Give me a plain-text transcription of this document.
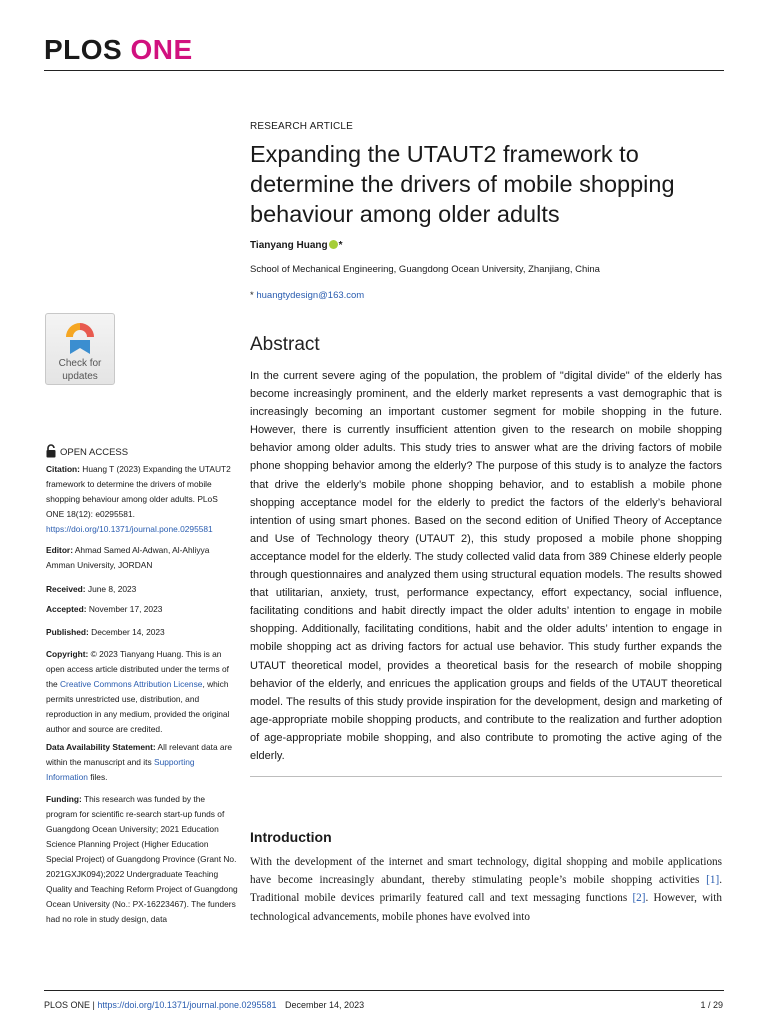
PLOS ONE
RESEARCH ARTICLE
Expanding the UTAUT2 framework to determine the drivers of mobile shopping behaviour among older adults
Tianyang Huang *
School of Mechanical Engineering, Guangdong Ocean University, Zhanjiang, China
* huangtydesign@163.com
Check for
updates
OPEN ACCESS
Citation: Huang T (2023) Expanding the UTAUT2 framework to determine the drivers of mobile shopping behaviour among older adults. PLoS ONE 18(12): e0295581. https://doi.org/10.1371/journal.pone.0295581
Editor: Ahmad Samed Al-Adwan, Al-Ahliyya Amman University, JORDAN
Received: June 8, 2023
Accepted: November 17, 2023
Published: December 14, 2023
Copyright: © 2023 Tianyang Huang. This is an open access article distributed under the terms of the Creative Commons Attribution License, which permits unrestricted use, distribution, and reproduction in any medium, provided the original author and source are credited.
Data Availability Statement: All relevant data are within the manuscript and its Supporting Information files.
Funding: This research was funded by the program for scientific re-search start-up funds of Guangdong Ocean University; 2021 Education Science Planning Project (Higher Education Special Project) of Guangdong Province (Grant No. 2021GXJK094);2022 Undergraduate Teaching Quality and Teaching Reform Project of Guangdong Ocean University (No.: PX-16223467). The funders had no role in study design, data
Abstract
In the current severe aging of the population, the problem of "digital divide" of the elderly has become increasingly prominent, and the elderly market represents a vast demographic that is increasingly becoming an important customer segment for mobile shopping in the future. However, there is currently insufficient attention given to the research on mobile shopping behavior among older adults. This study tries to answer what are the driving factors of mobile phone shopping behavior among the elderly? The purpose of this study is to analyze the factors that drive the elderly’s mobile phone shopping behavior, and to establish a mobile phone shopping acceptance model for the elderly to predict the factors of the elderly’s behavioral intention of using smart phones. Based on the second edition of Unified Theory of Acceptance and Use of Technology theory (UTAUT 2), this study proposed a mobile phone shopping acceptance model for the elderly. The study collected valid data from 389 Chinese elderly people through questionnaires and analyzed them using structural equation models. The results showed that utilitarian, anxiety, trust, performance expectancy, effort expectancy, social influence, facilitating conditions and habit directly impact the older adults’ intention to engage in mobile shopping. Additionally, facilitating conditions, habit and the older adults’ intention to engage in mobile shopping act as driving factors for actual use behavior. This study further expands the UTAUT theoretical model, provides a theoretical basis for the research of mobile shopping behavior of the elderly, and enricues the application groups and fields of the UTAUT theoretical model. The results of this study provide inspiration for the development, design and marketing of age-appropriate mobile shopping products, and contribute to the realization and further adoption of age-appropriate mobile shopping, and also contribute to promoting the active aging of the elderly.
Introduction
With the development of the internet and smart technology, digital shopping and mobile applications have become increasingly abundant, thereby stimulating people’s mobile shopping activities [1]. Traditional mobile devices primarily featured call and text messaging functions [2]. However, with technological advancements, mobile phones have evolved into
PLOS ONE | https://doi.org/10.1371/journal.pone.0295581 December 14, 2023	1 / 29
